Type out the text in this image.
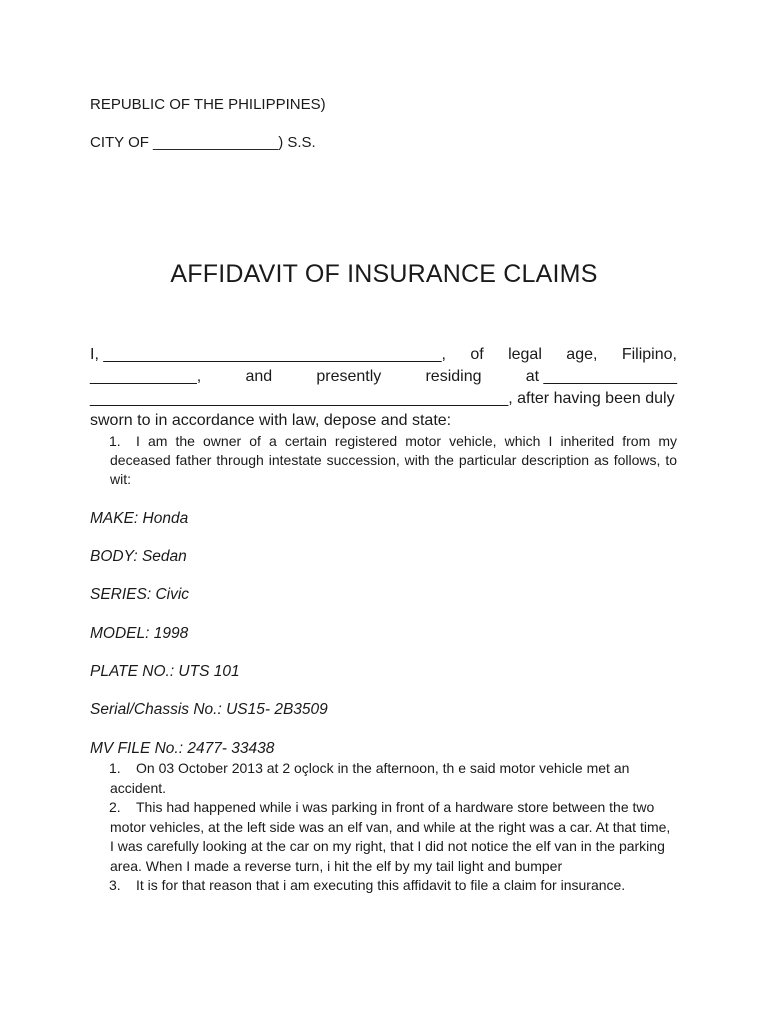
REPUBLIC OF THE PHILIPPINES)
CITY OF _______________) S.S.
AFFIDAVIT OF INSURANCE CLAIMS
I, ______________________________________, of legal age, Filipino,
____________,	and	presently	residing	at _______________
_______________________________________________, after having been duly
sworn to in accordance with law, depose and state:
1.	I am the owner of a certain registered motor vehicle, which I inherited from my deceased father through intestate succession, with the particular description as follows, to wit:
MAKE: Honda
BODY: Sedan
SERIES: Civic
MODEL: 1998
PLATE NO.: UTS 101
Serial/Chassis No.: US15- 2B3509
MV FILE No.: 2477- 33438
1.	On 03 October 2013 at 2 oçlock in the afternoon, th e said motor vehicle met an accident.
2.	This had happened while i was parking in front of a hardware store between the two motor vehicles, at the left side was an elf van, and while at the right was a car. At that time, I was carefully looking at the car on my right, that I did not notice the elf van in the parking area. When I made a reverse turn, i hit the elf by my tail light and bumper
3.	It is for that reason that i am executing this affidavit to file a claim for insurance.
